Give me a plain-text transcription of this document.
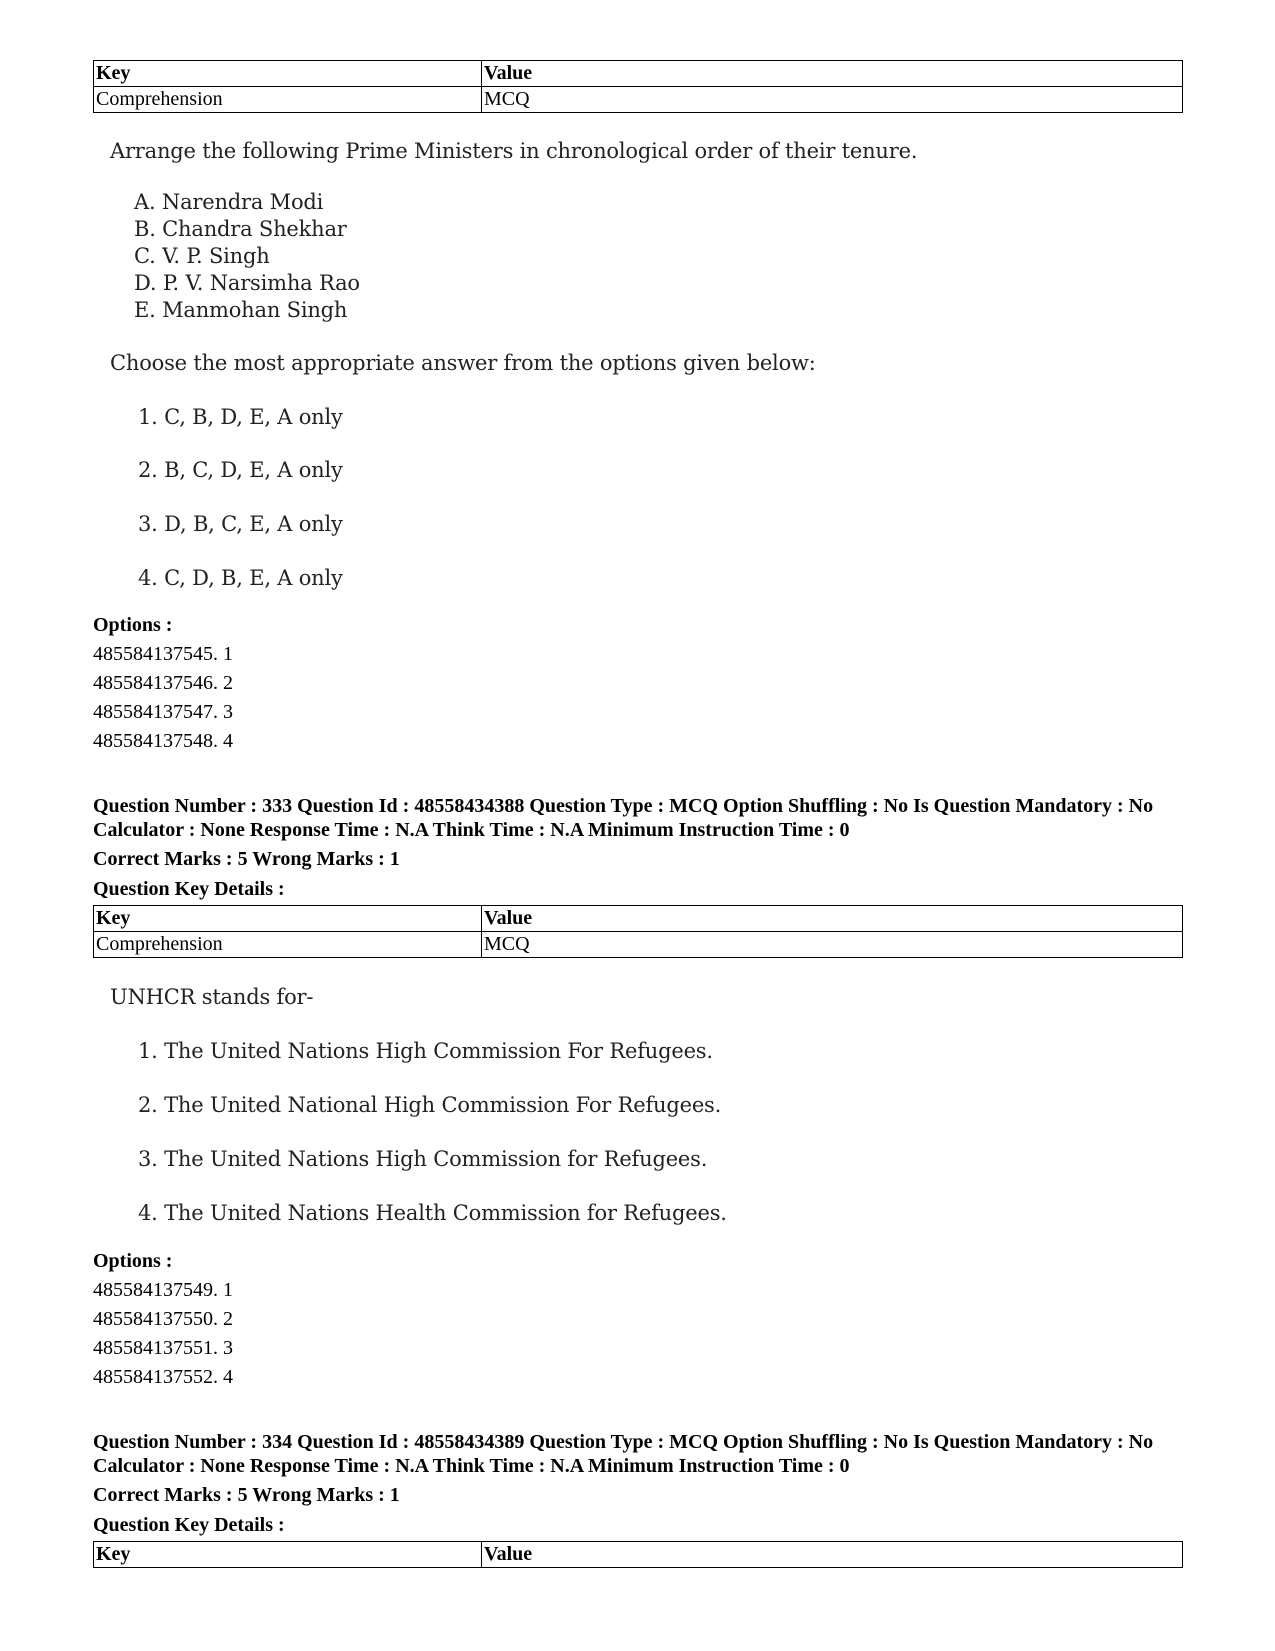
Key	Value
Comprehension	MCQ
Arrange the following Prime Ministers in chronological order of their tenure.
A. Narendra Modi
B. Chandra Shekhar
C. V. P. Singh
D. P. V. Narsimha Rao
E. Manmohan Singh
Choose the most appropriate answer from the options given below:
1. C, B, D, E, A only
2. B, C, D, E, A only
3. D, B, C, E, A only
4. C, D, B, E, A only
Options :
485584137545. 1
485584137546. 2
485584137547. 3
485584137548. 4
Question Number : 333 Question Id : 48558434388 Question Type : MCQ Option Shuffling : No Is Question Mandatory : No Calculator : None Response Time : N.A Think Time : N.A Minimum Instruction Time : 0
Correct Marks : 5 Wrong Marks : 1
Question Key Details :
Key	Value
Comprehension	MCQ
UNHCR stands for-
1. The United Nations High Commission For Refugees.
2. The United National High Commission For Refugees.
3. The United Nations High Commission for Refugees.
4. The United Nations Health Commission for Refugees.
Options :
485584137549. 1
485584137550. 2
485584137551. 3
485584137552. 4
Question Number : 334 Question Id : 48558434389 Question Type : MCQ Option Shuffling : No Is Question Mandatory : No Calculator : None Response Time : N.A Think Time : N.A Minimum Instruction Time : 0
Correct Marks : 5 Wrong Marks : 1
Question Key Details :
Key	Value
